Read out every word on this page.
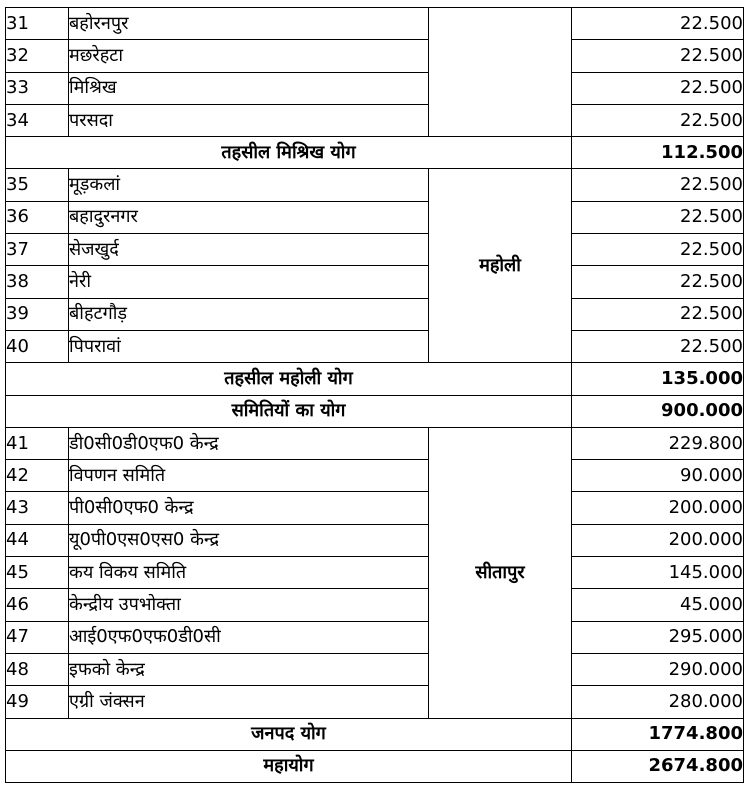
31	बहोरनपुर		22.500
32	मछरेहटा		22.500
33	मिश्रिख		22.500
34	परसदा		22.500
तहसील मिश्रिख योग			112.500
35	मूड़कलां	महोली	22.500
36	बहादुरनगर		22.500
37	सेजखुर्द		22.500
38	नेरी		22.500
39	बीहटगौड़		22.500
40	पिपरावां		22.500
तहसील महोली योग			135.000
समितियों का योग			900.000
41	डी0सी0डी0एफ0 केन्द्र	सीतापुर	229.800
42	विपणन समिति		90.000
43	पी0सी0एफ0 केन्द्र		200.000
44	यू0पी0एस0एस0 केन्द्र		200.000
45	कय विकय समिति		145.000
46	केन्द्रीय उपभोक्ता		45.000
47	आई0एफ0एफ0डी0सी		295.000
48	इफको केन्द्र		290.000
49	एग्री जंक्सन		280.000
जनपद योग			1774.800
महायोग			2674.800
